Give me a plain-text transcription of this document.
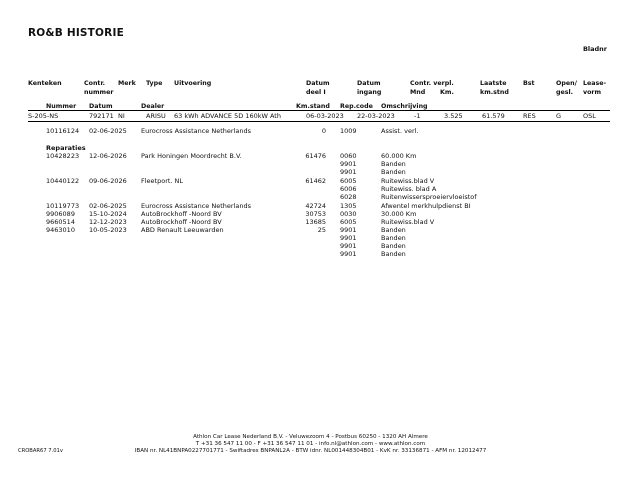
RO&B HISTORIE
Bladnr
Kenteken	Contr.
nummer
Merk Type Uitvoering	Datum
deel I
Datum
ingang
Contr. verpl.
Mnd Km.
Laatste
km.stnd
Bst	Open/
gesl.
Lease-
vorm
Nummer Datum	Dealer	Km.stand Rep.code Omschrijving
S-205-NS	792171 NI	ARISU 63 kWh ADVANCE 5D 160kW Ath	06-03-2023 22-03-2023	-1	3.525	61.579	RES	G	OSL
10116124 02-06-2025 Eurocross Assistance Netherlands	0 1009	Assist. verl.
Reparaties
10428223 12-06-2026 Park Honingen Moordrecht B.V.	61476 0060	60.000 Km
9901	Banden
9901	Banden
10440122 09-06-2026 Fleetport. NL	61462 6005	Ruitewiss.blad V
6006	Ruitewiss. blad A
6028	Ruitenwissersproeiervloeistof
10119773 02-06-2025 Eurocross Assistance Netherlands	42724 1305	Afwentel merkhulpdienst BI
9906089 15-10-2024 AutoBrockhoff -Noord BV	30753 0030	30.000 Km
9660514 12-12-2023 AutoBrockhoff -Noord BV	13685 6005	Ruitewiss.blad V
9463010 10-05-2023 ABD Renault Leeuwarden	25 9901	Banden
9901	Banden
9901	Banden
9901	Banden
Athlon Car Lease Nederland B.V. - Veluwezoom 4 - Postbus 60250 - 1320 AH Almere
T +31 36 547 11 00 - F +31 36 547 11 01 - info.nl@athlon.com - www.athlon.com
IBAN nr. NL41BNPA0227701771 - Swiftadres BNPANL2A - BTW idnr. NL001448304B01 - KvK nr. 33136871 - AFM nr. 12012477
CROBAR67 7.01v
